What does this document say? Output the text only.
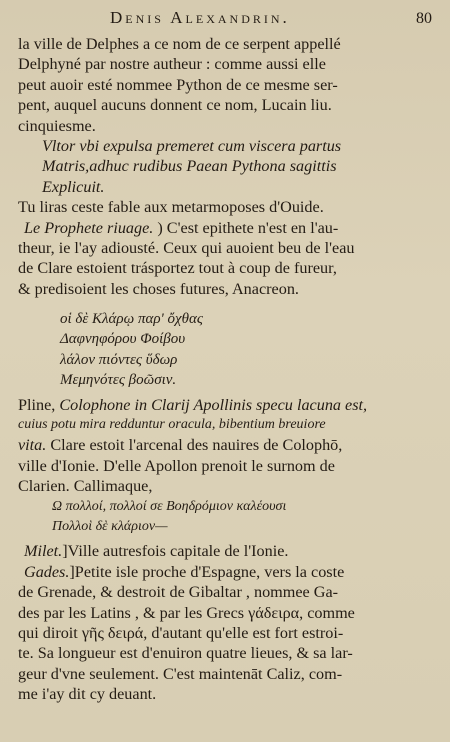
Denis Alexandrin.	80
la ville de Delphes a ce nom de ce serpent appellé
Delphyné par nostre autheur : comme aussi elle
peut auoir esté nommee Python de ce mesme ser-
pent, auquel aucuns donnent ce nom, Lucain liu.
cinquiesme.
Vltor vbi expulsa premeret cum viscera partus
Matris,adhuc rudibus Paean Pythona sagittis
Explicuit.
Tu liras ceste fable aux metarmoposes d'Ouide.
Le Prophete riuage. ) C'est epithete n'est en l'au-
theur, ie l'ay adiousté. Ceux qui auoient beu de l'eau
de Clare estoient trásportez tout à coup de fureur,
& predisoient les choses futures, Anacreon.
οἱ δὲ Κλάρῳ παρ' ὄχθας
Δαφνηφόρου Φοίβου
λάλον πιόντες ὕδωρ
Μεμηνότες βοῶσιν.
Pline, Colophone in Clarij Apollinis specu lacuna est,
cuius potu mira redduntur oracula, bibentium breuiore
vita. Clare estoit l'arcenal des nauires de Colophō,
ville d'Ionie. D'elle Apollon prenoit le surnom de
Clarien. Callimaque,
Ω πολλοί, πολλοί σε Βοηδρόμιον καλέουσι
Πολλοὶ δὲ κλάριον—
Milet.]Ville autresfois capitale de l'Ionie.
Gades.]Petite isle proche d'Espagne, vers la coste
de Grenade, & destroit de Gibaltar , nommee Ga-
des par les Latins , & par les Grecs γάδειρα, comme
qui diroit γῆς δειρά, d'autant qu'elle est fort estroi-
te. Sa longueur est d'enuiron quatre lieues, & sa lar-
geur d'vne seulement. C'est maintenāt Caliz, com-
me i'ay dit cy deuant.
